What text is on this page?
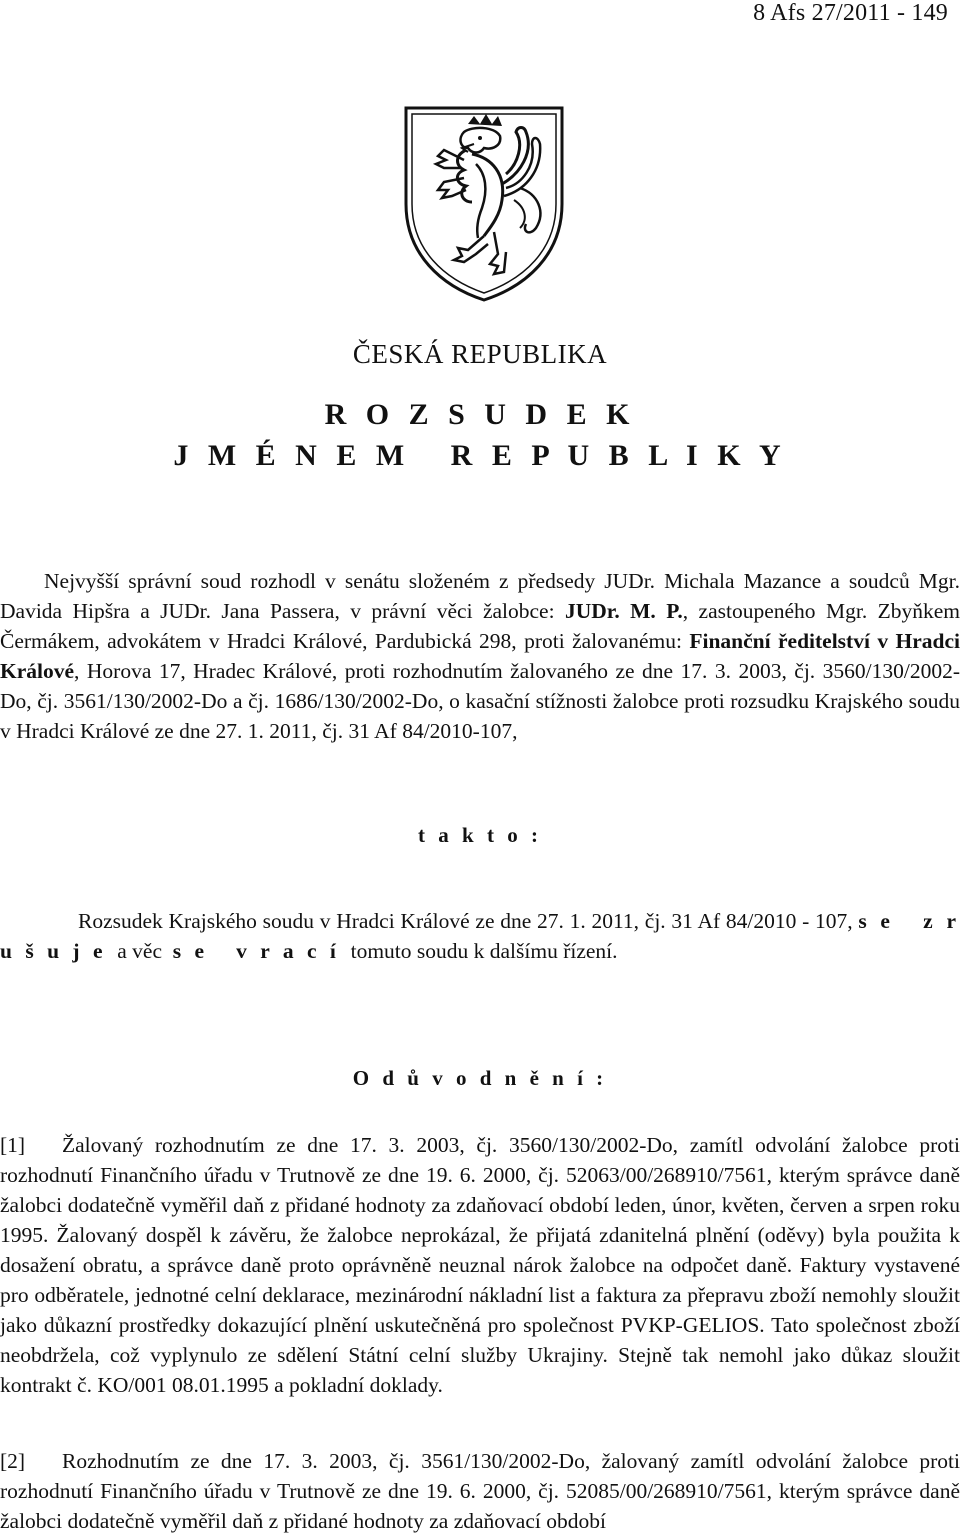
8 Afs 27/2011 - 149
ČESKÁ REPUBLIKA
R O Z S U D E K
J M É N E M   R E P U B L I K Y
Nejvyšší správní soud rozhodl v senátu složeném z předsedy JUDr. Michala Mazance a soudců Mgr. Davida Hipšra a JUDr. Jana Passera, v právní věci žalobce: JUDr. M. P., zastoupeného Mgr. Zbyňkem Čermákem, advokátem v Hradci Králové, Pardubická 298, proti žalovanému: Finanční ředitelství v Hradci Králové, Horova 17, Hradec Králové, proti rozhodnutím žalovaného ze dne 17. 3. 2003, čj. 3560/130/2002-Do, čj. 3561/130/2002-Do a čj. 1686/130/2002-Do, o kasační stížnosti žalobce proti rozsudku Krajského soudu v Hradci Králové ze dne 27. 1. 2011, čj. 31 Af 84/2010-107,
t a k t o :
Rozsudek Krajského soudu v Hradci Králové ze dne 27. 1. 2011, čj. 31 Af 84/2010 - 107, s e   z r u š u j e  a věc  s e   v r a c í  tomuto soudu k dalšímu řízení.
O d ů v o d n ě n í :
[1] Žalovaný rozhodnutím ze dne 17. 3. 2003, čj. 3560/130/2002-Do, zamítl odvolání žalobce proti rozhodnutí Finančního úřadu v Trutnově ze dne 19. 6. 2000, čj. 52063/00/268910/7561, kterým správce daně žalobci dodatečně vyměřil daň z přidané hodnoty za zdaňovací období leden, únor, květen, červen a srpen roku 1995. Žalovaný dospěl k závěru, že žalobce neprokázal, že přijatá zdanitelná plnění (oděvy) byla použita k dosažení obratu, a správce daně proto oprávněně neuznal nárok žalobce na odpočet daně. Faktury vystavené pro odběratele, jednotné celní deklarace, mezinárodní nákladní list a faktura za přepravu zboží nemohly sloužit jako důkazní prostředky dokazující plnění uskutečněná pro společnost PVKP-GELIOS. Tato společnost zboží neobdržela, což vyplynulo ze sdělení Státní celní služby Ukrajiny. Stejně tak nemohl jako důkaz sloužit kontrakt č. KO/001 08.01.1995 a pokladní doklady.
[2] Rozhodnutím ze dne 17. 3. 2003, čj. 3561/130/2002-Do, žalovaný zamítl odvolání žalobce proti rozhodnutí Finančního úřadu v Trutnově ze dne 19. 6. 2000, čj. 52085/00/268910/7561, kterým správce daně žalobci dodatečně vyměřil daň z přidané hodnoty za zdaňovací období
